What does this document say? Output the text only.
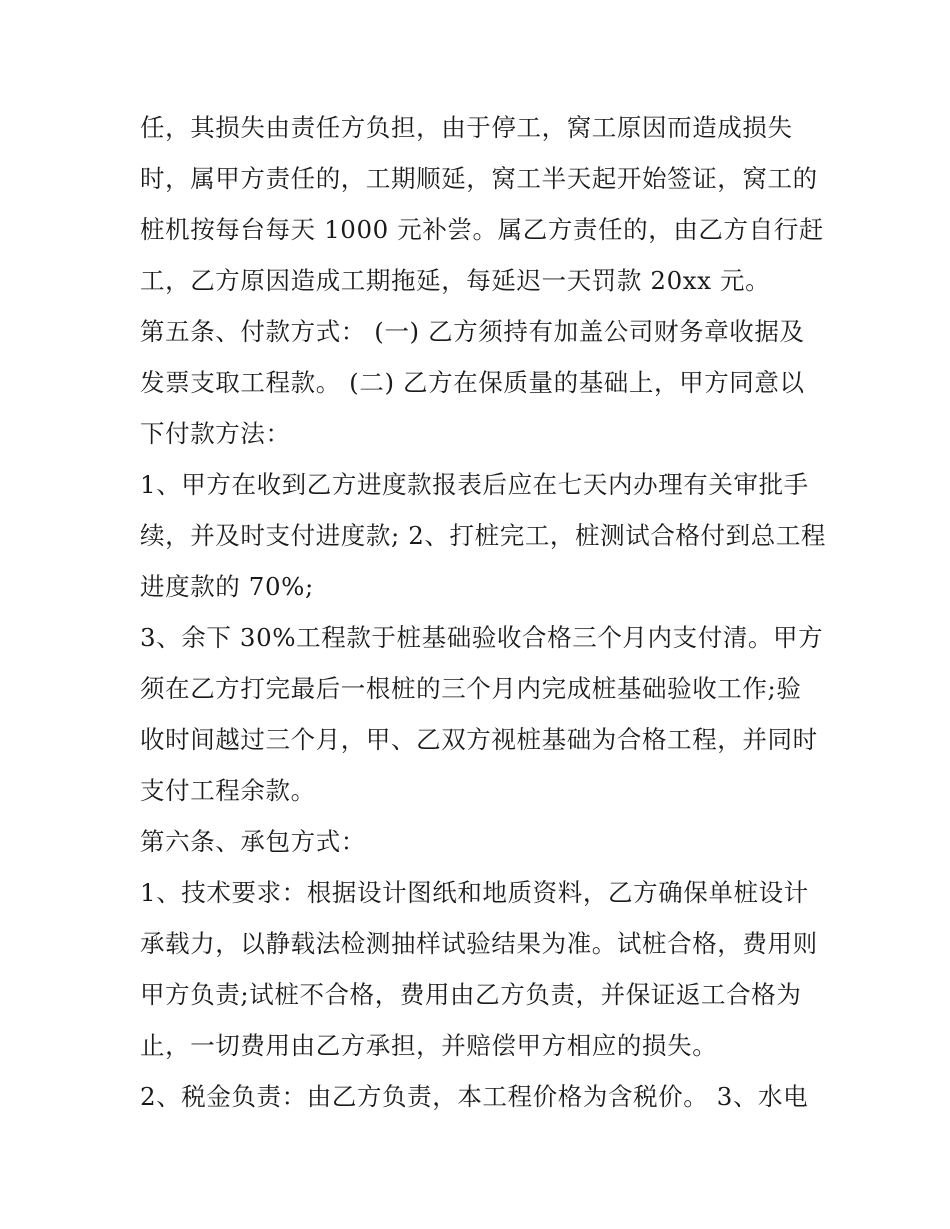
任，其损失由责任方负担，由于停工，窝工原因而造成损失
时，属甲方责任的，工期顺延，窝工半天起开始签证，窝工的
桩机按每台每天 1000 元补尝。属乙方责任的，由乙方自行赶
工，乙方原因造成工期拖延，每延迟一天罚款 20xx 元。
第五条、付款方式： (一) 乙方须持有加盖公司财务章收据及
发票支取工程款。 (二) 乙方在保质量的基础上，甲方同意以
下付款方法：
1、甲方在收到乙方进度款报表后应在七天内办理有关审批手
续，并及时支付进度款; 2、打桩完工，桩测试合格付到总工程
进度款的 70%;
3、余下 30%工程款于桩基础验收合格三个月内支付清。甲方
须在乙方打完最后一根桩的三个月内完成桩基础验收工作;验
收时间越过三个月，甲、乙双方视桩基础为合格工程，并同时
支付工程余款。
第六条、承包方式：
1、技术要求：根据设计图纸和地质资料，乙方确保单桩设计
承载力，以静载法检测抽样试验结果为准。试桩合格，费用则
甲方负责;试桩不合格，费用由乙方负责，并保证返工合格为
止，一切费用由乙方承担，并赔偿甲方相应的损失。
2、税金负责：由乙方负责，本工程价格为含税价。 3、水电
